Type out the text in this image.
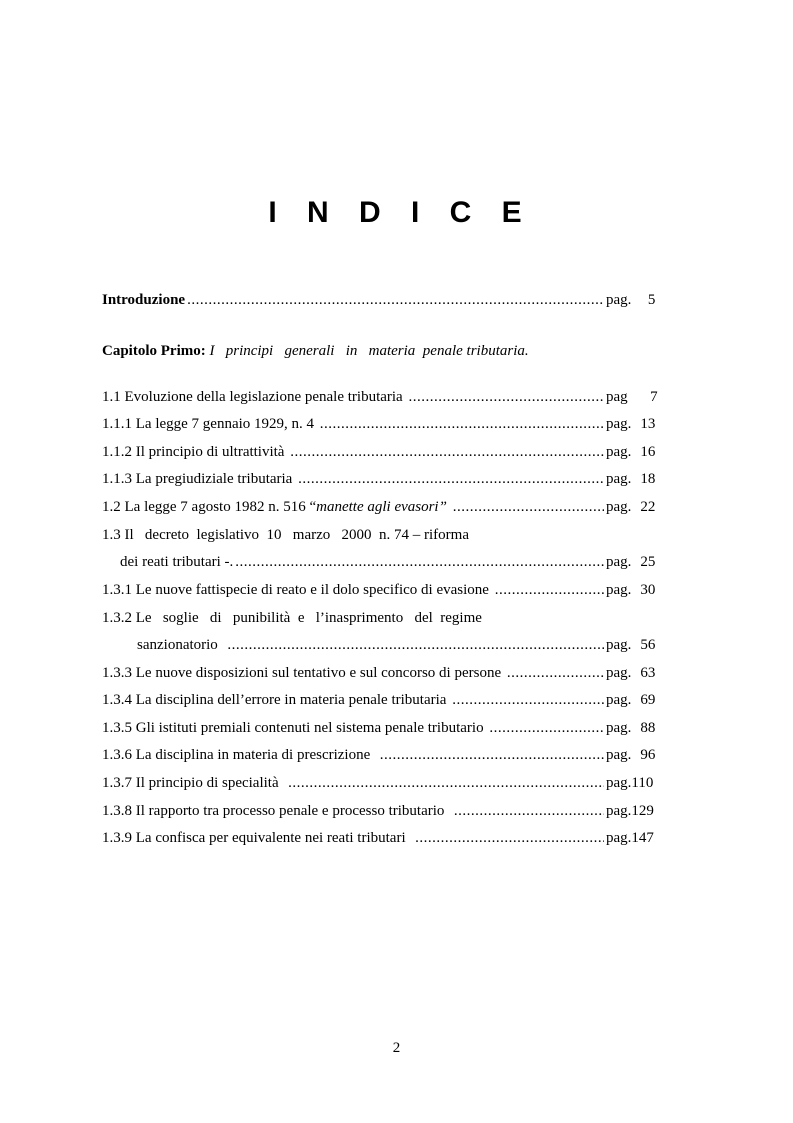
I N D I C E
Introduzione .....	pag. 5
Capitolo Primo: I   principi   generali   in   materia  penale tributaria.
1.1 Evoluzione della legislazione penale tributaria .....	pag 7
1.1.1 La legge 7 gennaio 1929, n. 4 .....	pag. 13
1.1.2 Il principio di ultrattività .....	pag. 16
1.1.3 La pregiudiziale tributaria .....	pag. 18
1.2 La legge 7 agosto 1982 n. 516 “manette agli evasori” .....	pag. 22
1.3 Il   decreto  legislativo  10   marzo   2000  n. 74 – riforma
dei reati tributari -. .....	pag. 25
1.3.1 Le nuove fattispecie di reato e il dolo specifico di evasione .....	pag. 30
1.3.2 Le   soglie   di   punibilità  e   l’inasprimento   del  regime
sanzionatorio .....	pag. 56
1.3.3 Le nuove disposizioni sul tentativo e sul concorso di persone .....	pag. 63
1.3.4 La disciplina dell’errore in materia penale tributaria .....	pag. 69
1.3.5 Gli istituti premiali contenuti nel sistema penale tributario .....	pag. 88
1.3.6 La disciplina in materia di prescrizione .....	pag. 96
1.3.7 Il principio di specialità .....	pag.110
1.3.8 Il rapporto tra processo penale e processo tributario .....	pag.129
1.3.9 La confisca per equivalente nei reati tributari .....	pag.147
2
